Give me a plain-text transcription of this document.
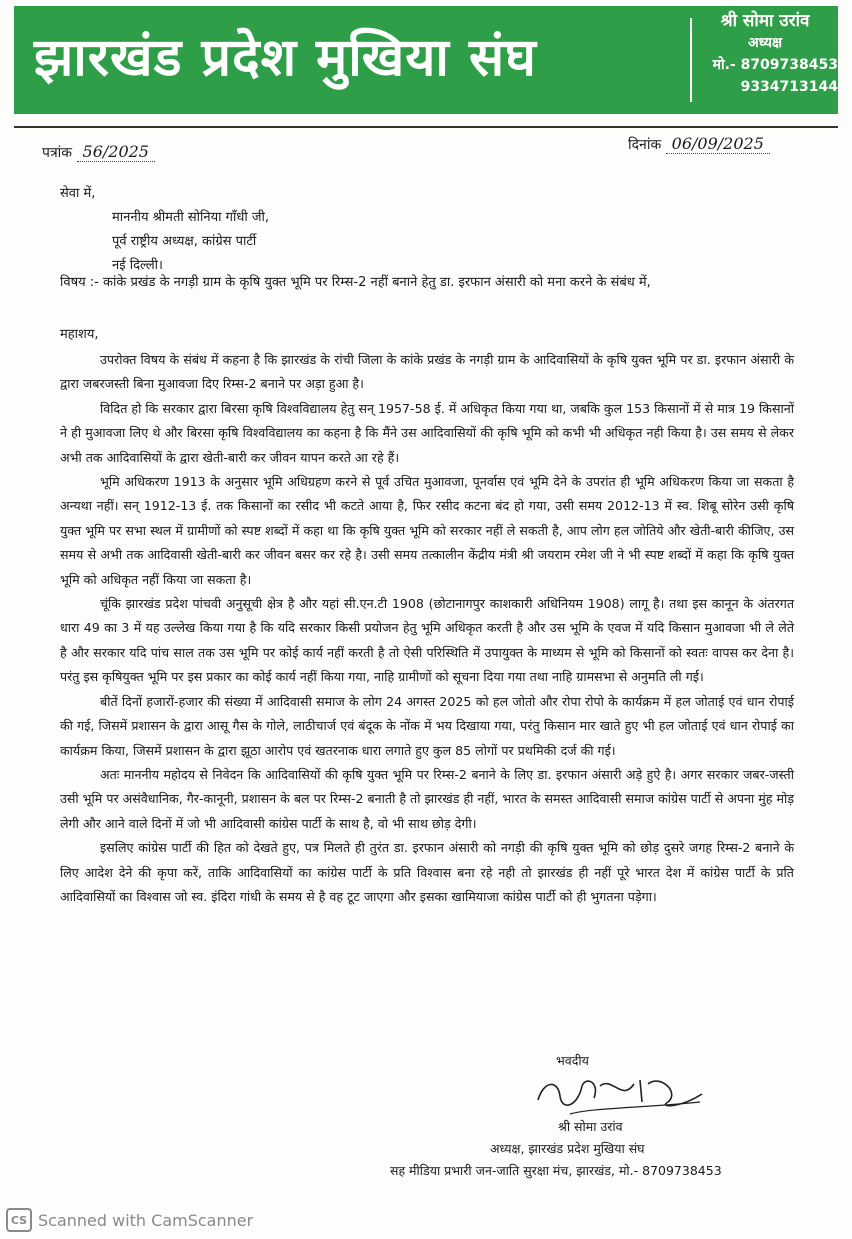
झारखंड प्रदेश मुखिया संघ
श्री सोमा उरांव
अध्यक्ष
मो.- 8709738453
9334713144
पत्रांक 56/2025	दिनांक 06/09/2025
सेवा में,
माननीय श्रीमती सोनिया गाँधी जी,
पूर्व राष्ट्रीय अध्यक्ष, कांग्रेस पार्टी
नई दिल्ली।
विषय :- कांके प्रखंड के नगड़ी ग्राम के कृषि युक्त भूमि पर रिम्स-2 नहीं बनाने हेतु डा. इरफान अंसारी को मना करने के संबंध में,
महाशय,

उपरोक्त विषय के संबंध में कहना है कि झारखंड के रांची जिला के कांके प्रखंड के नगड़ी ग्राम के आदिवासियों के कृषि युक्त भूमि पर डा. इरफान अंसारी के द्वारा जबरजस्ती बिना मुआवजा दिए रिम्स-2 बनाने पर अड़ा हुआ है।

विदित हो कि सरकार द्वारा बिरसा कृषि विश्वविद्यालय हेतु सन् 1957-58 ई. में अधिकृत किया गया था, जबकि कुल 153 किसानों में से मात्र 19 किसानों ने ही मुआवजा लिए थे और बिरसा कृषि विश्वविद्यालय का कहना है कि मैंने उस आदिवासियों की कृषि भूमि को कभी भी अधिकृत नही किया है। उस समय से लेकर अभी तक आदिवासियों के द्वारा खेती-बारी कर जीवन यापन करते आ रहे हैं।

भूमि अधिकरण 1913 के अनुसार भूमि अधिग्रहण करने से पूर्व उचित मुआवजा, पूनर्वास एवं भूमि देने के उपरांत ही भूमि अधिकरण किया जा सकता है अन्यथा नहीं। सन् 1912-13 ई. तक किसानों का रसीद भी कटते आया है, फिर रसीद कटना बंद हो गया, उसी समय 2012-13 में स्व. शिबू सोरेन उसी कृषि युक्त भूमि पर सभा स्थल में ग्रामीणों को स्पष्ट शब्दों में कहा था कि कृषि युक्त भूमि को सरकार नहीं ले सकती है, आप लोग हल जोतिये और खेती-बारी कीजिए, उस समय से अभी तक आदिवासी खेती-बारी कर जीवन बसर कर रहे है। उसी समय तत्कालीन केंद्रीय मंत्री श्री जयराम रमेश जी ने भी स्पष्ट शब्दों में कहा कि कृषि युक्त भूमि को अधिकृत नहीं किया जा सकता है।

चूंकि झारखंड प्रदेश पांचवी अनुसूची क्षेत्र है और यहां सी.एन.टी 1908 (छोटानागपुर काशकारी अधिनियम 1908) लागू है। तथा इस कानून के अंतरगत धारा 49 का 3 में यह उल्लेख किया गया है कि यदि सरकार किसी प्रयोजन हेतु भूमि अधिकृत करती है और उस भूमि के एवज में यदि किसान मुआवजा भी ले लेते है और सरकार यदि पांच साल तक उस भूमि पर कोई कार्य नहीं करती है तो ऐसी परिस्थिति में उपायुक्त के माध्यम से भूमि को किसानों को स्वतः वापस कर देना है। परंतु इस कृषियुक्त भूमि पर इस प्रकार का कोई कार्य नहीं किया गया, नाहि ग्रामीणों को सूचना दिया गया तथा नाहि ग्रामसभा से अनुमति ली गई।

बीतें दिनों हजारों-हजार की संख्या में आदिवासी समाज के लोग 24 अगस्त 2025 को हल जोतो और रोपा रोपो के कार्यक्रम में हल जोताई एवं धान रोपाई की गई, जिसमें प्रशासन के द्वारा आसू गैस के गोले, लाठीचार्ज एवं बंदूक के नोंक में भय दिखाया गया, परंतु किसान मार खाते हुए भी हल जोताई एवं धान रोपाई का कार्यक्रम किया, जिसमें प्रशासन के द्वारा झूठा आरोप एवं खतरनाक धारा लगाते हुए कुल 85 लोगों पर प्रथमिकी दर्ज की गई।

अतः माननीय महोदय से निवेदन कि आदिवासियों की कृषि युक्त भूमि पर रिम्स-2 बनाने के लिए डा. इरफान अंसारी अड़े हुऐ है। अगर सरकार जबर-जस्ती उसी भूमि पर असंवैधानिक, गैर-कानूनी, प्रशासन के बल पर रिम्स-2 बनाती है तो झारखंड ही नहीं, भारत के समस्त आदिवासी समाज कांग्रेस पार्टी से अपना मुंह मोड़ लेगी और आने वाले दिनों में जो भी आदिवासी कांग्रेस पार्टी के साथ है, वो भी साथ छोड़ देगी।

इसलिए कांग्रेस पार्टी की हित को देखते हुए, पत्र मिलते ही तुरंत डा. इरफान अंसारी को नगड़ी की कृषि युक्त भूमि को छोड़ दुसरे जगह रिम्स-2 बनाने के लिए आदेश देने की कृपा करें, ताकि आदिवासियों का कांग्रेस पार्टी के प्रति विश्वास बना रहे नही तो झारखंड ही नहीं पूरे भारत देश में कांग्रेस पार्टी के प्रति आदिवासियों का विश्वास जो स्व. इंदिरा गांधी के समय से है वह टूट जाएगा और इसका खामियाजा कांग्रेस पार्टी को ही भुगतना पड़ेगा।

भवदीय
श्री सोमा उरांव
अध्यक्ष, झारखंड प्रदेश मुखिया संघ
सह मीडिया प्रभारी जन-जाति सुरक्षा मंच, झारखंड, मो.- 8709738453
CS Scanned with CamScanner
